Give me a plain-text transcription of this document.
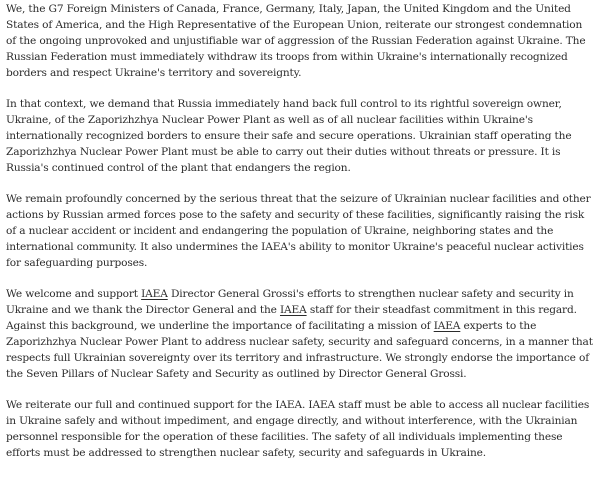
We, the G7 Foreign Ministers of Canada, France, Germany, Italy, Japan, the United Kingdom and the United States of America, and the High Representative of the European Union, reiterate our strongest condemnation of the ongoing unprovoked and unjustifiable war of aggression of the Russian Federation against Ukraine. The Russian Federation must immediately withdraw its troops from within Ukraine's internationally recognized borders and respect Ukraine's territory and sovereignty.

In that context, we demand that Russia immediately hand back full control to its rightful sovereign owner, Ukraine, of the Zaporizhzhya Nuclear Power Plant as well as of all nuclear facilities within Ukraine's internationally recognized borders to ensure their safe and secure operations. Ukrainian staff operating the Zaporizhzhya Nuclear Power Plant must be able to carry out their duties without threats or pressure. It is Russia's continued control of the plant that endangers the region.

We remain profoundly concerned by the serious threat that the seizure of Ukrainian nuclear facilities and other actions by Russian armed forces pose to the safety and security of these facilities, significantly raising the risk of a nuclear accident or incident and endangering the population of Ukraine, neighboring states and the international community. It also undermines the IAEA's ability to monitor Ukraine's peaceful nuclear activities for safeguarding purposes.

We welcome and support IAEA Director General Grossi's efforts to strengthen nuclear safety and security in Ukraine and we thank the Director General and the IAEA staff for their steadfast commitment in this regard. Against this background, we underline the importance of facilitating a mission of IAEA experts to the Zaporizhzhya Nuclear Power Plant to address nuclear safety, security and safeguard concerns, in a manner that respects full Ukrainian sovereignty over its territory and infrastructure. We strongly endorse the importance of the Seven Pillars of Nuclear Safety and Security as outlined by Director General Grossi.

We reiterate our full and continued support for the IAEA. IAEA staff must be able to access all nuclear facilities in Ukraine safely and without impediment, and engage directly, and without interference, with the Ukrainian personnel responsible for the operation of these facilities. The safety of all individuals implementing these efforts must be addressed to strengthen nuclear safety, security and safeguards in Ukraine.
